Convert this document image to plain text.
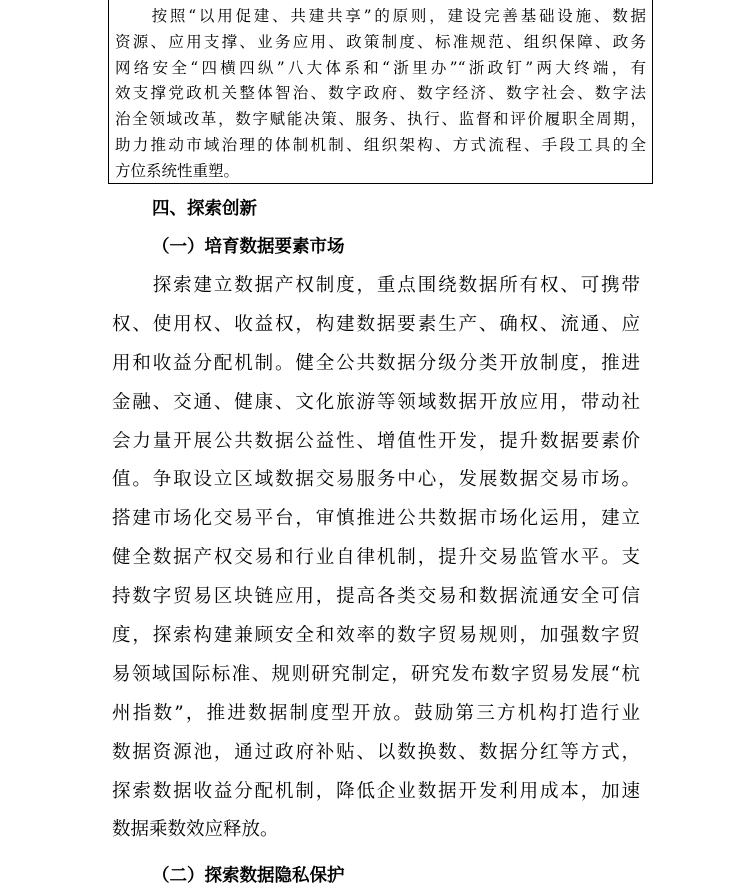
　　按照“以用促建、共建共享”的原则，建设完善基础设施、数据
资源、应用支撑、业务应用、政策制度、标准规范、组织保障、政务
网络安全“四横四纵”八大体系和“浙里办”“浙政钉”两大终端，有
效支撑党政机关整体智治、数字政府、数字经济、数字社会、数字法
治全领域改革，数字赋能决策、服务、执行、监督和评价履职全周期，
助力推动市域治理的体制机制、组织架构、方式流程、手段工具的全
方位系统性重塑。
四、探索创新
（一）培育数据要素市场
　　探索建立数据产权制度，重点围绕数据所有权、可携带
权、使用权、收益权，构建数据要素生产、确权、流通、应
用和收益分配机制。健全公共数据分级分类开放制度，推进
金融、交通、健康、文化旅游等领域数据开放应用，带动社
会力量开展公共数据公益性、增值性开发，提升数据要素价
值。争取设立区域数据交易服务中心，发展数据交易市场。
搭建市场化交易平台，审慎推进公共数据市场化运用，建立
健全数据产权交易和行业自律机制，提升交易监管水平。支
持数字贸易区块链应用，提高各类交易和数据流通安全可信
度，探索构建兼顾安全和效率的数字贸易规则，加强数字贸
易领域国际标准、规则研究制定，研究发布数字贸易发展“杭
州指数”，推进数据制度型开放。鼓励第三方机构打造行业
数据资源池，通过政府补贴、以数换数、数据分红等方式，
探索数据收益分配机制，降低企业数据开发利用成本，加速
数据乘数效应释放。
（二）探索数据隐私保护
